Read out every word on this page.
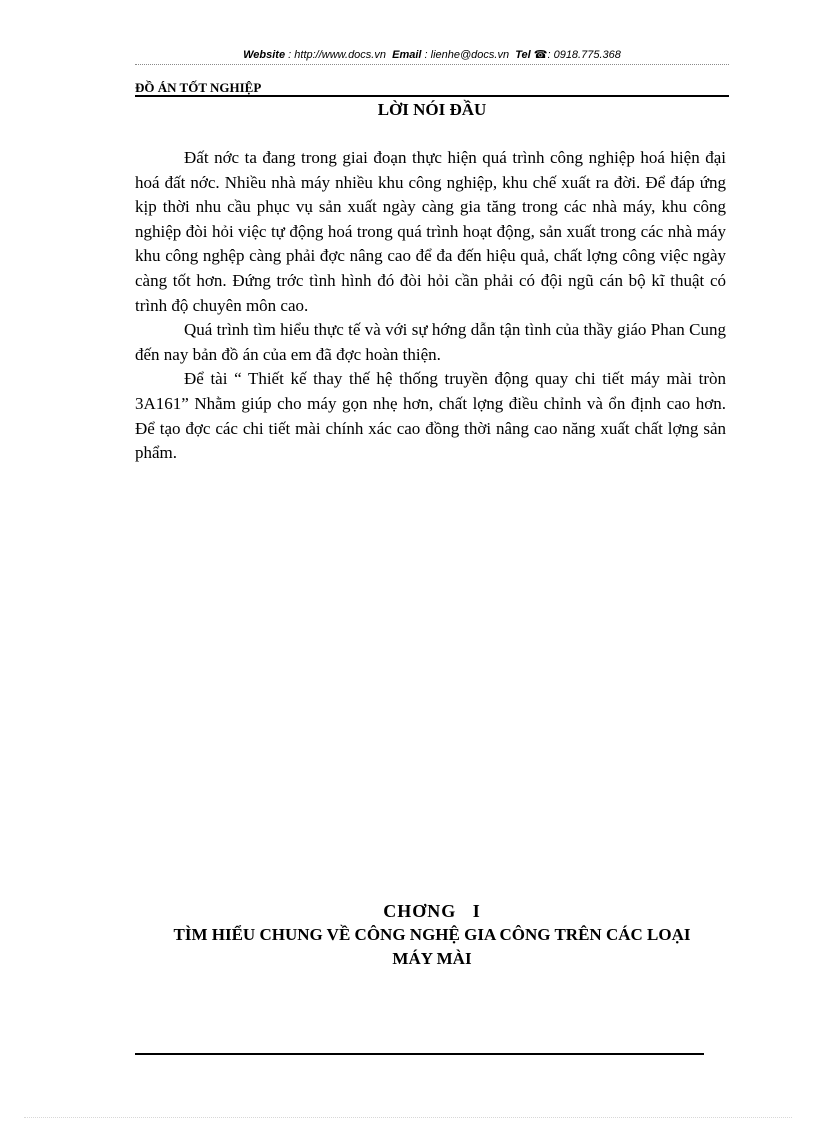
Website : http://www.docs.vn Email : lienhe@docs.vn Tel ☎: 0918.775.368
ĐỒ ÁN TỐT NGHIỆP
LỜI NÓI ĐẦU

Đất nớc ta đang trong giai đoạn thực hiện quá trình công nghiệp hoá hiện đại hoá đất nớc. Nhiều nhà máy nhiều khu công nghiệp, khu chế xuất ra đời. Để đáp ứng kịp thời nhu cầu phục vụ sản xuất ngày càng gia tăng trong các nhà máy, khu công nghiệp đòi hỏi việc tự động hoá trong quá trình hoạt động, sản xuất trong các nhà máy khu công nghệp càng phải đợc nâng cao để đa đến hiệu quả, chất lợng công việc ngày càng tốt hơn. Đứng trớc tình hình đó đòi hỏi cần phải có đội ngũ cán bộ kĩ thuật có trình độ chuyên môn cao.

Quá trình tìm hiểu thực tế và với sự hớng dẫn tận tình của thầy giáo Phan Cung đến nay bản đồ án của em đã đợc hoàn thiện.

Để tài “ Thiết kế thay thế hệ thống truyền động quay chi tiết máy mài tròn 3A161” Nhằm giúp cho máy gọn nhẹ hơn, chất lợng điều chỉnh và ổn định cao hơn. Để tạo đợc các chi tiết mài chính xác cao đồng thời nâng cao năng xuất chất lợng sản phẩm.

CHƠNG I
TÌM HIỂU CHUNG VỀ CÔNG NGHỆ GIA CÔNG TRÊN CÁC LOẠI
MÁY MÀI
